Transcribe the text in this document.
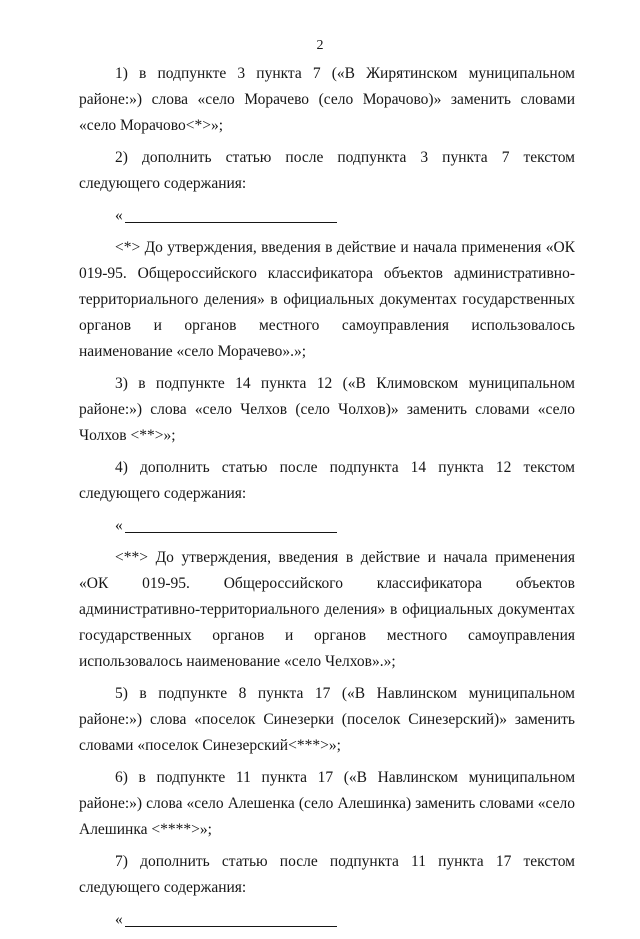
2

1) в подпункте 3 пункта 7 («В Жирятинском муниципальном районе:») слова «село Морачево (село Морачово)» заменить словами «село Морачово<*>»;

2) дополнить статью после подпункта 3 пункта 7 текстом следующего содержания:

«

<*> До утверждения, введения в действие и начала применения «ОК 019-95. Общероссийского классификатора объектов административно-территориального деления» в официальных документах государственных органов и органов местного самоуправления использовалось наименование «село Морачево».»;

3) в подпункте 14 пункта 12 («В Климовском муниципальном районе:») слова «село Челхов (село Чолхов)» заменить словами «село Чолхов <**>»;

4) дополнить статью после подпункта 14 пункта 12 текстом следующего содержания:

«

<**> До утверждения, введения в действие и начала применения «ОК 019-95. Общероссийского классификатора объектов административно-территориального деления» в официальных документах государственных органов и органов местного самоуправления использовалось наименование «село Челхов».»;

5) в подпункте 8 пункта 17 («В Навлинском муниципальном районе:») слова «поселок Синезерки (поселок Синезерский)» заменить словами «поселок Синезерский<***>»;

6) в подпункте 11 пункта 17 («В Навлинском муниципальном районе:») слова «село Алешенка (село Алешинка) заменить словами «село Алешинка <****>»;

7) дополнить статью после подпункта 11 пункта 17 текстом следующего содержания:

«
